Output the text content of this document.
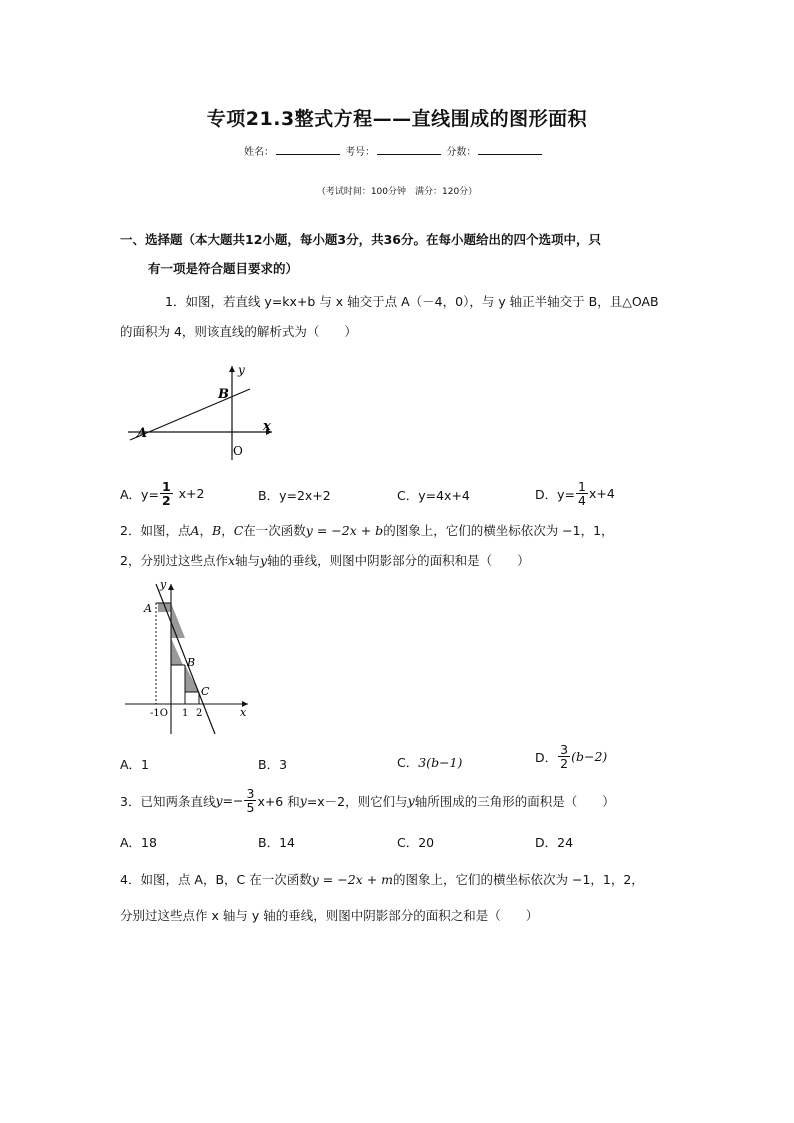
专项21.3整式方程——直线围成的图形面积
姓名：	考号：	分数：
（考试时间：100分钟　满分：120分）
一、选择题（本大题共12小题，每小题3分，共36分。在每小题给出的四个选项中，只
有一项是符合题目要求的）
1．如图，若直线 y=kx+b 与 x 轴交于点 A（－4，0），与 y 轴正半轴交于 B，且△OAB
的面积为 4，则该直线的解析式为（　　）
y
x
A
B
O
A．$y= \frac{1}{2} x+2$	B．y=2x+2	C．y=4x+4	D．$y= \frac{1}{4} x+4$
2．如图，点A，B，C在一次函数y = −2x + b的图象上，它们的横坐标依次为 −1，1，
2，分别过这些点作x轴与y轴的垂线，则图中阴影部分的面积和是（　　）
y
x
A
B
C
-1O 1 2
A．1	B．3	C．3(b−1)	D． $\frac{3}{2} (b-2)$
3．已知两条直线 $y =- \frac{3}{5} x+6$ 和 y =x－2，则它们与 y 轴所围成的三角形的面积是（　　）
A．18	B．14	C．20	D．24
4．如图，点 A，B，C 在一次函数y = −2x + m的图象上，它们的横坐标依次为 −1，1，2，
分别过这些点作 x 轴与 y 轴的垂线，则图中阴影部分的面积之和是（　　）
